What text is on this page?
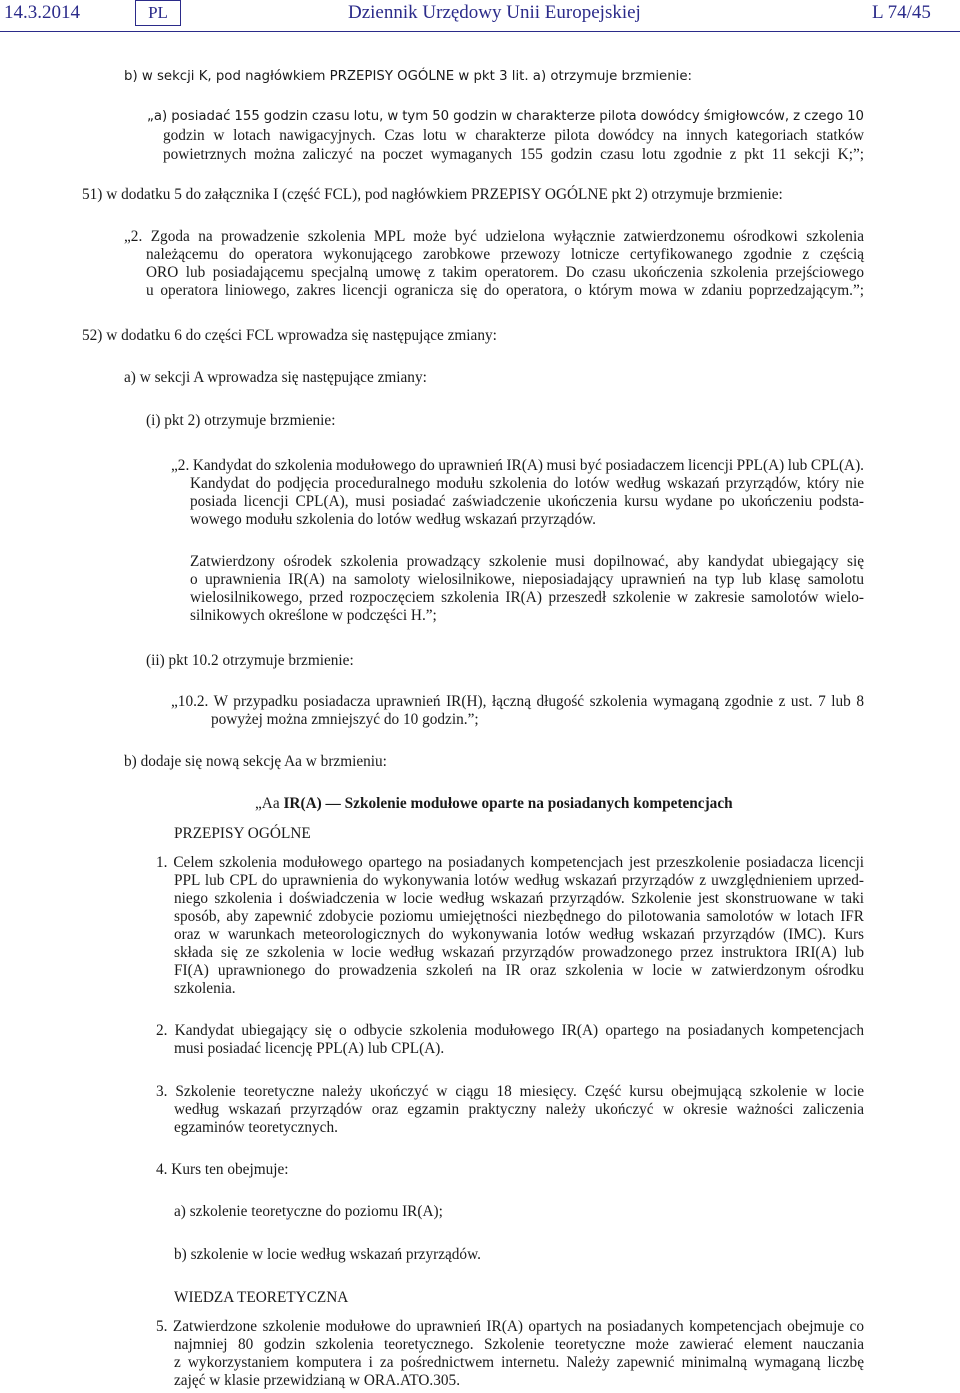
14.3.2014	PL	Dziennik Urzędowy Unii Europejskiej	L 74/45
b) w sekcji K, pod nagłówkiem PRZEPISY OGÓLNE w pkt 3 lit. a) otrzymuje brzmienie:
„a) posiadać 155 godzin czasu lotu, w tym 50 godzin w charakterze pilota dowódcy śmigłowców, z czego 10
godzin w lotach nawigacyjnych. Czas lotu w charakterze pilota dowódcy na innych kategoriach statków
powietrznych można zaliczyć na poczet wymaganych 155 godzin czasu lotu zgodnie z pkt 11 sekcji K;”;
51) w dodatku 5 do załącznika I (część FCL), pod nagłówkiem PRZEPISY OGÓLNE pkt 2) otrzymuje brzmienie:
„2. Zgoda na prowadzenie szkolenia MPL może być udzielona wyłącznie zatwierdzonemu ośrodkowi szkolenia
należącemu do operatora wykonującego zarobkowe przewozy lotnicze certyfikowanego zgodnie z częścią
ORO lub posiadającemu specjalną umowę z takim operatorem. Do czasu ukończenia szkolenia przejściowego
u operatora liniowego, zakres licencji ogranicza się do operatora, o którym mowa w zdaniu poprzedzającym.”;
52) w dodatku 6 do części FCL wprowadza się następujące zmiany:
a) w sekcji A wprowadza się następujące zmiany:
(i) pkt 2) otrzymuje brzmienie:
„2. Kandydat do szkolenia modułowego do uprawnień IR(A) musi być posiadaczem licencji PPL(A) lub CPL(A).
Kandydat do podjęcia proceduralnego modułu szkolenia do lotów według wskazań przyrządów, który nie
posiada licencji CPL(A), musi posiadać zaświadczenie ukończenia kursu wydane po ukończeniu podsta-
wowego modułu szkolenia do lotów według wskazań przyrządów.
Zatwierdzony ośrodek szkolenia prowadzący szkolenie musi dopilnować, aby kandydat ubiegający się
o uprawnienia IR(A) na samoloty wielosilnikowe, nieposiadający uprawnień na typ lub klasę samolotu
wielosilnikowego, przed rozpoczęciem szkolenia IR(A) przeszedł szkolenie w zakresie samolotów wielo-
silnikowych określone w podczęści H.”;
(ii) pkt 10.2 otrzymuje brzmienie:
„10.2. W przypadku posiadacza uprawnień IR(H), łączną długość szkolenia wymaganą zgodnie z ust. 7 lub 8
powyżej można zmniejszyć do 10 godzin.”;
b) dodaje się nową sekcję Aa w brzmieniu:
„Aa IR(A) — Szkolenie modułowe oparte na posiadanych kompetencjach
PRZEPISY OGÓLNE
1. Celem szkolenia modułowego opartego na posiadanych kompetencjach jest przeszkolenie posiadacza licencji
PPL lub CPL do uprawnienia do wykonywania lotów według wskazań przyrządów z uwzględnieniem uprzed-
niego szkolenia i doświadczenia w locie według wskazań przyrządów. Szkolenie jest skonstruowane w taki
sposób, aby zapewnić zdobycie poziomu umiejętności niezbędnego do pilotowania samolotów w lotach IFR
oraz w warunkach meteorologicznych do wykonywania lotów według wskazań przyrządów (IMC). Kurs
składa się ze szkolenia w locie według wskazań przyrządów prowadzonego przez instruktora IRI(A) lub
FI(A) uprawnionego do prowadzenia szkoleń na IR oraz szkolenia w locie w zatwierdzonym ośrodku
szkolenia.
2. Kandydat ubiegający się o odbycie szkolenia modułowego IR(A) opartego na posiadanych kompetencjach
musi posiadać licencję PPL(A) lub CPL(A).
3. Szkolenie teoretyczne należy ukończyć w ciągu 18 miesięcy. Część kursu obejmującą szkolenie w locie
według wskazań przyrządów oraz egzamin praktyczny należy ukończyć w okresie ważności zaliczenia
egzaminów teoretycznych.
4. Kurs ten obejmuje:
a) szkolenie teoretyczne do poziomu IR(A);
b) szkolenie w locie według wskazań przyrządów.
WIEDZA TEORETYCZNA
5. Zatwierdzone szkolenie modułowe do uprawnień IR(A) opartych na posiadanych kompetencjach obejmuje co
najmniej 80 godzin szkolenia teoretycznego. Szkolenie teoretyczne może zawierać element nauczania
z wykorzystaniem komputera i za pośrednictwem internetu. Należy zapewnić minimalną wymaganą liczbę
zajęć w klasie przewidzianą w ORA.ATO.305.
